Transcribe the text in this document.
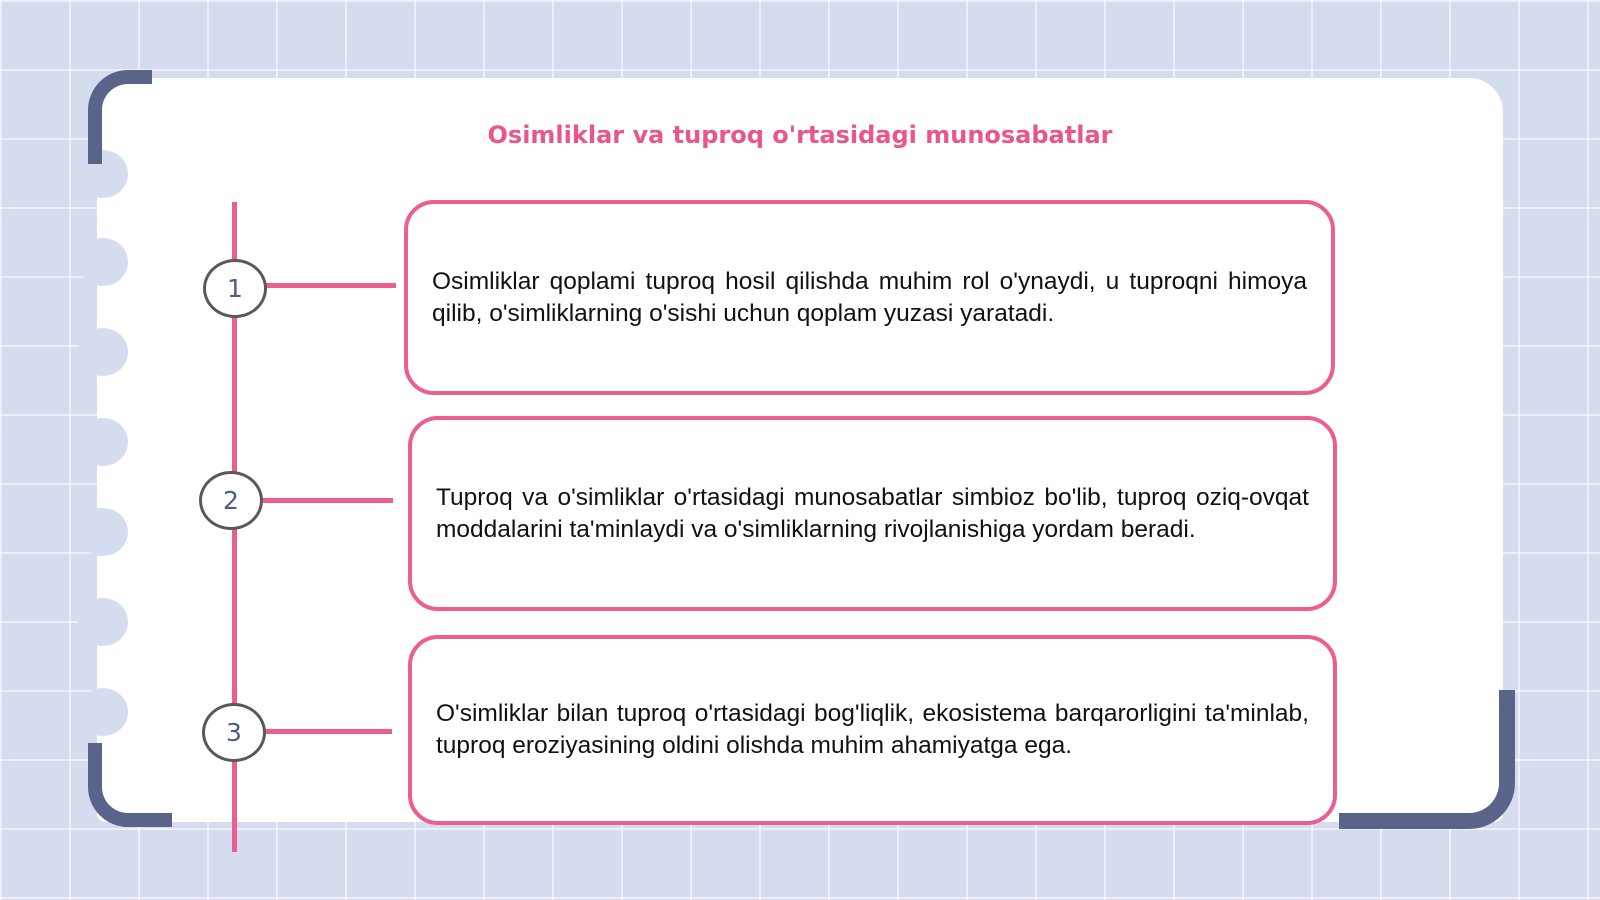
Osimliklar va tuproq o'rtasidagi munosabatlar
1	Osimliklar qoplami tuproq hosil qilishda muhim rol o'ynaydi, u tuproqni himoya qilib, o'simliklarning o'sishi uchun qoplam yuzasi yaratadi.

2	Tuproq va o'simliklar o'rtasidagi munosabatlar simbioz bo'lib, tuproq oziq-ovqat moddalarini ta'minlaydi va o'simliklarning rivojlanishiga yordam beradi.

3

O'simliklar bilan tuproq o'rtasidagi bog'liqlik, ekosistema barqarorligini ta'minlab, tuproq eroziyasining oldini olishda muhim ahamiyatga ega.
